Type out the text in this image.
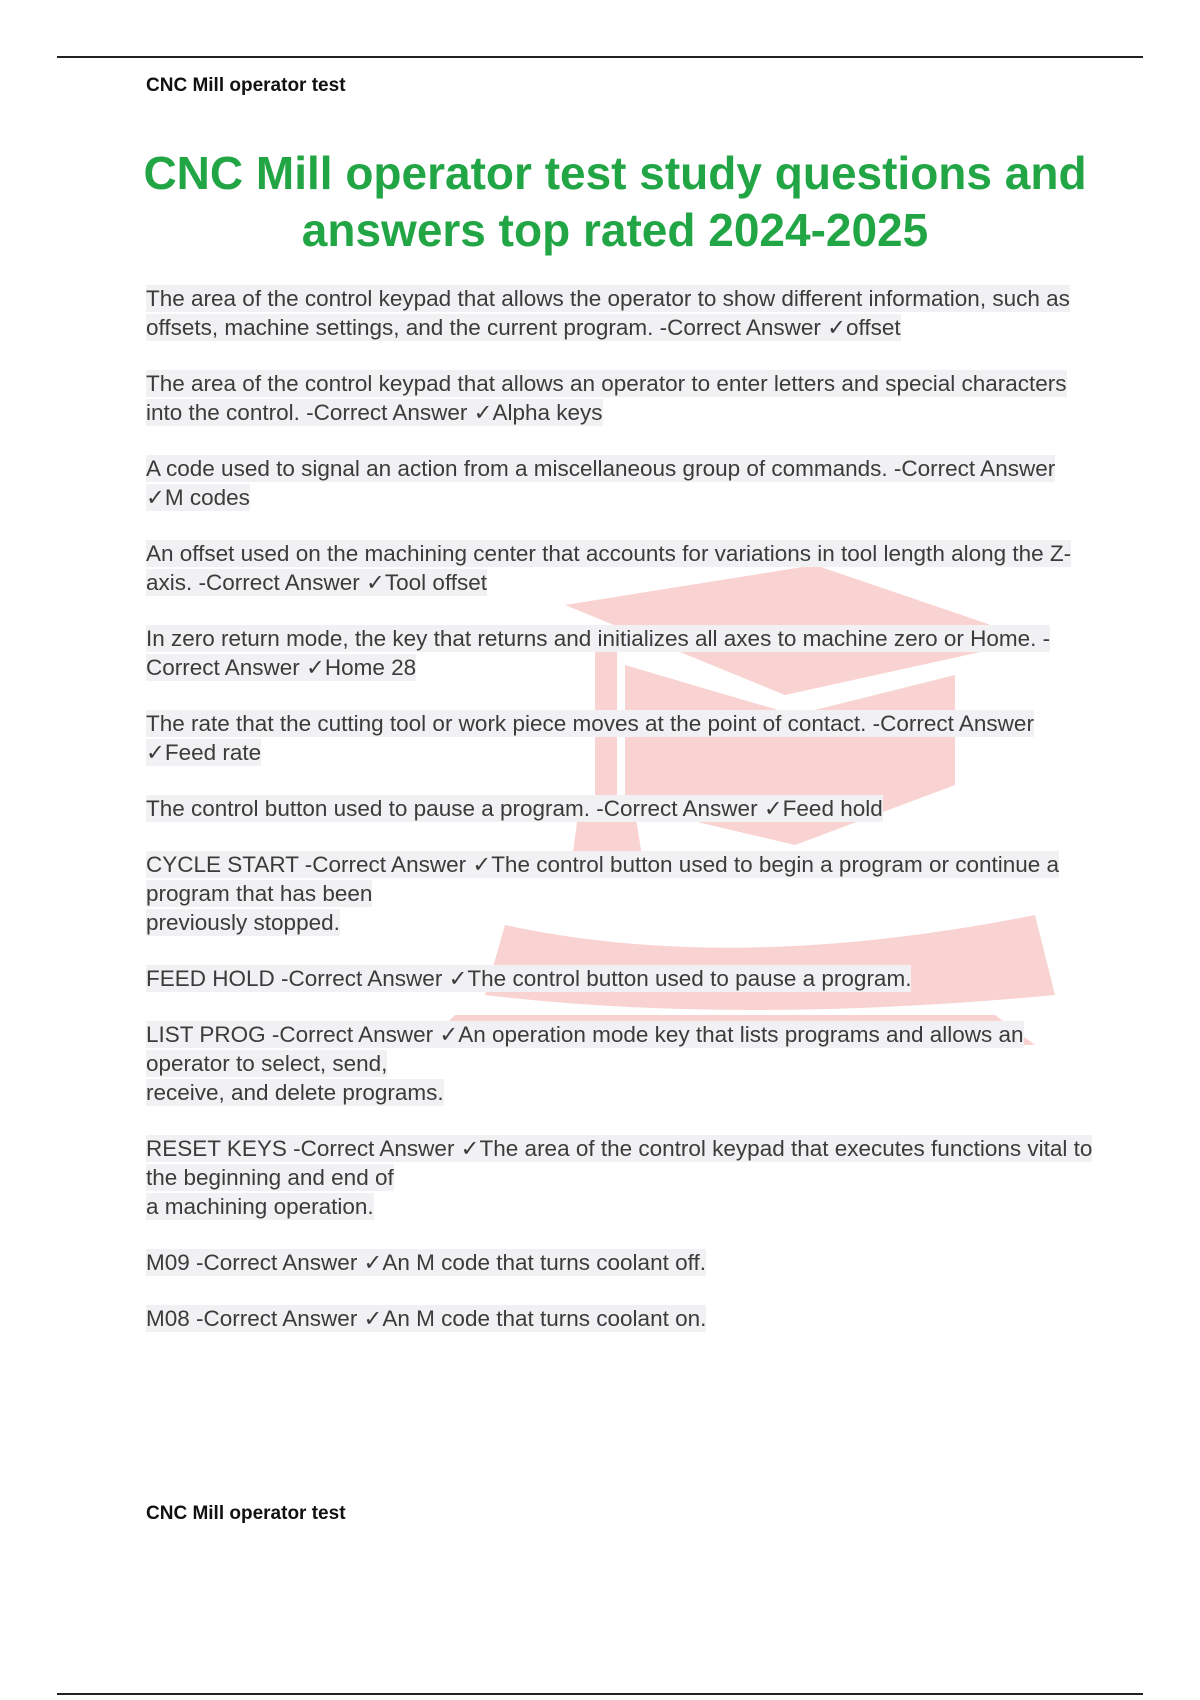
CNC Mill operator test
CNC Mill operator test study questions and answers top rated 2024-2025

The area of the control keypad that allows the operator to show different information, such as offsets, machine settings, and the current program. -Correct Answer ✓offset

The area of the control keypad that allows an operator to enter letters and special characters
into the control. -Correct Answer ✓Alpha keys

A code used to signal an action from a miscellaneous group of commands. -Correct Answer ✓M codes

An offset used on the machining center that accounts for variations in tool length along the Z-
axis. -Correct Answer ✓Tool offset

In zero return mode, the key that returns and initializes all axes to machine zero or Home. -Correct Answer ✓Home 28

The rate that the cutting tool or work piece moves at the point of contact. -Correct Answer ✓Feed rate

The control button used to pause a program. -Correct Answer ✓Feed hold

CYCLE START -Correct Answer ✓The control button used to begin a program or continue a program that has been
previously stopped.

FEED HOLD -Correct Answer ✓The control button used to pause a program.

LIST PROG -Correct Answer ✓An operation mode key that lists programs and allows an operator to select, send,
receive, and delete programs.

RESET KEYS -Correct Answer ✓The area of the control keypad that executes functions vital to the beginning and end of
a machining operation.

M09 -Correct Answer ✓An M code that turns coolant off.

M08 -Correct Answer ✓An M code that turns coolant on.

CNC Mill operator test
